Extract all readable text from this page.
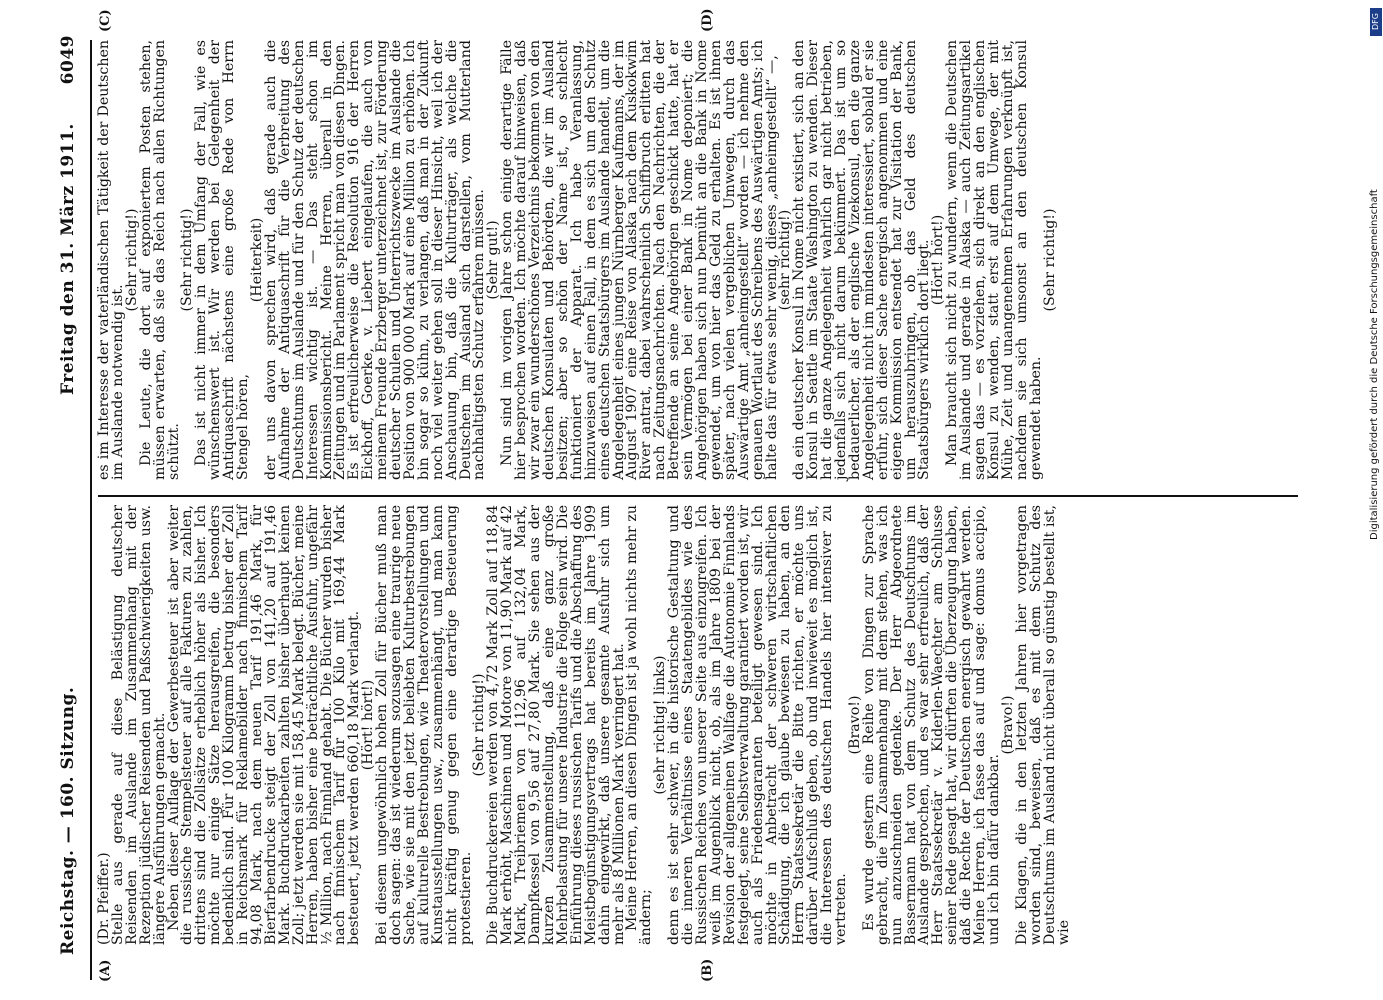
Reichstag. — 160. Sitzung.
Freitag den 31. März 1911.
6049
(A)	(B)
(C)	(D)

(Dr. Pfeiffer.)

Stelle aus gerade auf diese Belästigung deutscher Reisenden im Auslande im Zusammenhang mit der Rezeption jüdischer Reisenden und Paßschwierigkeiten usw. längere Ausführungen gemacht.

Neben dieser Auflage der Gewerbesteuer ist aber weiter die russische Stempelsteuer auf alle Fakturen zu zahlen, drittens sind die Zollsätze erheblich höher als bisher. Ich möchte nur einige Sätze herausgreifen, die besonders bedenklich sind. Für 100 Kilogramm betrug bisher der Zoll in Reichsmark für Reklamebilder nach finnischem Tarif 94,08 Mark, nach dem neuen Tarif 191,46 Mark, für Bierfarbendrucke steigt der Zoll von 141,20 auf 191,46 Mark. Buchdruckarbeiten zahlten bisher überhaupt keinen Zoll; jetzt werden sie mit 158,45 Mark belegt. Bücher, meine Herren, haben bisher eine beträchtliche Ausfuhr, ungefähr ½ Million, nach Finnland gehabt. Die Bücher wurden bisher nach finnischem Tarif für 100 Kilo mit 169,44 Mark besteuert, jetzt werden 660,18 Mark verlangt.

(Hört! hört!)

Bei diesem ungewöhnlich hohen Zoll für Bücher muß man doch sagen: das ist wiederum sozusagen eine traurige neue Sache, wie sie mit den jetzt beliebten Kulturbestrebungen auf kulturelle Bestrebungen, wie Theatervorstellungen und Kunstausstellungen usw., zusammenhängt, und man kann nicht kräftig genug gegen eine derartige Besteuerung protestieren.

(Sehr richtig!)

Die Buchdruckereien werden von 4,72 Mark Zoll auf 118,84 Mark erhöht, Maschinen und Motore von 11,90 Mark auf 42 Mark, Treibriemen von 112,96 auf 132,04 Mark, Dampfkessel von 9,56 auf 27,80 Mark. Sie sehen aus der kurzen Zusammenstellung, daß eine ganz große Mehrbelastung für unsere Industrie die Folge sein wird. Die Einführung dieses russischen Tarifs und die Abschaffung des Meistbegünstigungsvertrags hat bereits im Jahre 1909 dahin eingewirkt, daß unsere gesamte Ausfuhr sich um mehr als 8 Millionen Mark verringert hat.

Meine Herren, an diesen Dingen ist ja wohl nichts mehr zu ändern;

(sehr richtig! links)

denn es ist sehr schwer, in die historische Gestaltung und die inneren Verhältnisse eines Staatengebildes wie des Russischen Reiches von unserer Seite aus einzugreifen. Ich weiß im Augenblick nicht, ob, als im Jahre 1809 bei der Revision der allgemeinen Wallfage die Autonomie Finnlands festgelegt, seine Selbstverwaltung garantiert worden ist, wir auch als Friedensgaranten beteiligt gewesen sind. Ich möchte in Anbetracht der schweren wirtschaftlichen Schädigung, die ich glaube bewiesen zu haben, an den Herrn Staatssekretär die Bitte richten, er möchte uns darüber Aufschluß geben, ob und inwieweit es möglich ist, die Interessen des deutschen Handels hier intensiver zu vertreten.

(Bravo!)

Es wurde gestern eine Reihe von Dingen zur Sprache gebracht, die im Zusammenhang mit dem stehen, was ich nun anzuschneiden gedenke. Der Herr Abgeordnete Bassermann hat von dem Schutz des Deutschtums im Auslande gesprochen, und es war sehr erfreulich, daß der Herr Staatssekretär v. Kiderlen-Waechter am Schlusse seiner Rede gesagt hat, wir dürften die Überzeugung haben, daß die Rechte der Deutschen energisch gewahrt werden. Meine Herren, ich fasse das auf und sage: domus accipio, und ich bin dafür dankbar.

(Bravo!)

Die Klagen, die in den letzten Jahren hier vorgetragen worden sind, beweisen, daß es mit dem Schutz des Deutschtums im Ausland nicht überall so günstig bestellt ist, wie

es im Interesse der vaterländischen Tätigkeit der Deutschen im Auslande notwendig ist.

(Sehr richtig!)

Die Leute, die dort auf exponiertem Posten stehen, müssen erwarten, daß sie das Reich nach allen Richtungen schützt.

(Sehr richtig!)

Das ist nicht immer in dem Umfang der Fall, wie es wünschenswert ist. Wir werden bei Gelegenheit der Antiquaschrift nächstens eine große Rede von Herrn Stengel hören,

(Heiterkeit)

der uns davon sprechen wird, daß gerade auch die Aufnahme der Antiquaschrift für die Verbreitung des Deutschtums im Auslande und für den Schutz der deutschen Interessen wichtig ist. — Das steht schon im Kommissionsbericht. Meine Herren, überall in den Zeitungen und im Parlament spricht man von diesen Dingen. Es ist erfreulicherweise die Resolution 916 der Herren Eickhoff, Goerke, v. Liebert eingelaufen, die auch von meinem Freunde Erzberger unterzeichnet ist, zur Förderung deutscher Schulen und Unterrichtszwecke im Auslande die Position von 900 000 Mark auf eine Million zu erhöhen. Ich bin sogar so kühn, zu verlangen, daß man in der Zukunft noch viel weiter gehen soll in dieser Hinsicht, weil ich der Anschauung bin, daß die Kulturträger, als welche die Deutschen im Ausland sich darstellen, vom Mutterland nachhaltigsten Schutz erfahren müssen.

(Sehr gut!)

Nun sind im vorigen Jahre schon einige derartige Fälle hier besprochen worden. Ich möchte darauf hinweisen, daß wir zwar ein wunderschönes Verzeichnis bekommen von den deutschen Konsulaten und Behörden, die wir im Ausland besitzen; aber so schön der Name ist, so schlecht funktioniert der Apparat. Ich habe Veranlassung, hinzuweisen auf einen Fall, in dem es sich um den Schutz eines deutschen Staatsbürgers im Auslande handelt, um die Angelegenheit eines jungen Nürnberger Kaufmanns, der im August 1907 eine Reise von Alaska nach dem Kuskokwim River antrat, dabei wahrscheinlich Schiffbruch erlitten hat nach Zeitungsnachrichten. Nach den Nachrichten, die der Betreffende an seine Angehörigen geschickt hatte, hat er sein Vermögen bei einer Bank in Nome deponiert; die Angehörigen haben sich nun bemüht an die Bank in Nome gewendet, um von hier das Geld zu erhalten. Es ist ihnen später, nach vielen vergeblichen Umwegen, durch das Auswärtige Amt „anheimgestellt“ worden — ich nehme den genauen Wortlaut des Schreibens des Auswärtigen Amts; ich halte das für etwas sehr wenig, dieses „anheimgestellt“ —,

(sehr richtig!)

da ein deutscher Konsul in Nome nicht existiert, sich an den Konsul in Seattle im Staate Washington zu wenden. Dieser hat die ganze Angelegenheit wahrlich gar nicht betrieben, jedenfalls sich nicht darum bekümmert. Das ist um so bedauerlicher, als der englische Vizekonsul, den die ganze Angelegenheit nicht im mindesten interessiert, sobald er sie erfuhr, sich dieser Sache energisch angenommen und eine eigene Kommission entsendet hat zur Visitation der Bank, um herauszubringen, ob das Geld des deutschen Staatsbürgers wirklich dort liegt.

(Hört! hört!)

Man braucht sich nicht zu wundern, wenn die Deutschen im Auslande und gerade in Alaska — auch Zeitungsartikel sagen das — es vorziehen, sich direkt an den englischen Konsul zu wenden, statt erst auf dem Umwege, der mit Mühe, Zeit und unangenehmen Erfahrungen verknüpft ist, nachdem sie sich umsonst an den deutschen Konsul gewendet haben.

(Sehr richtig!)

DFG
Digitalisierung gefördert durch die Deutsche Forschungsgemeinschaft
